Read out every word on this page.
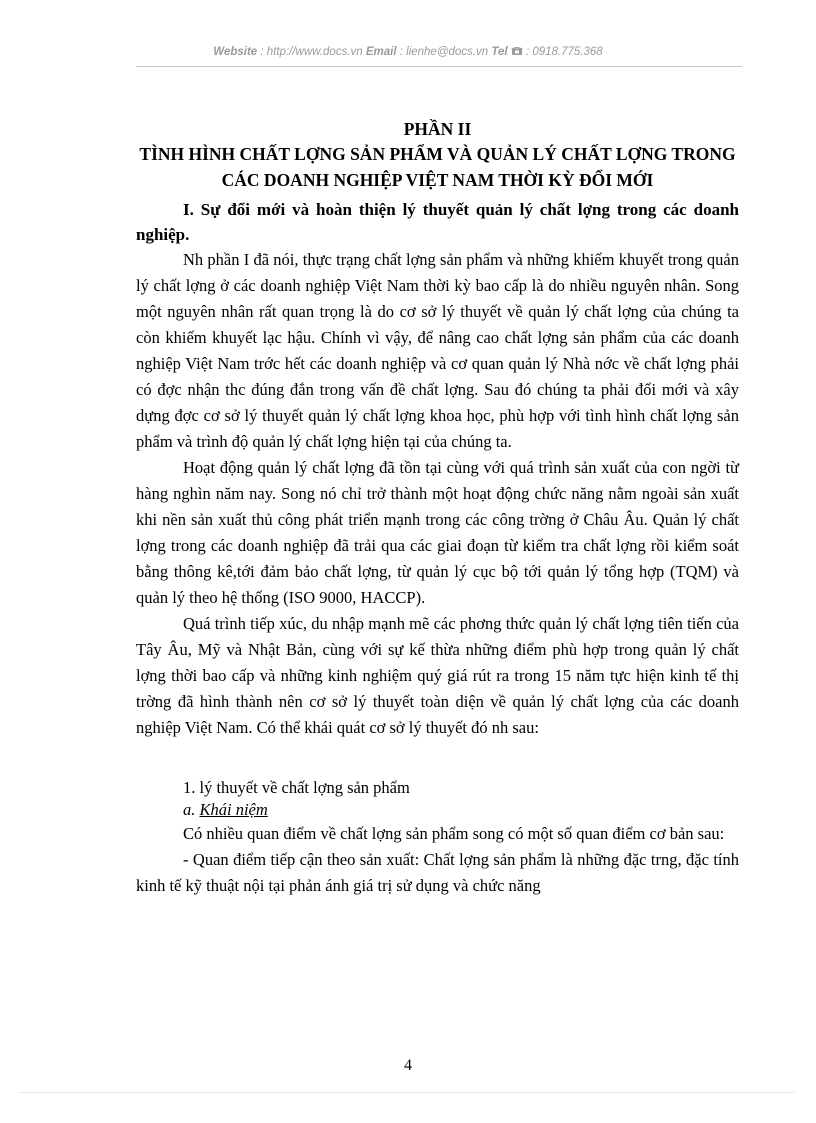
Website : http://www.docs.vn Email : lienhe@docs.vn Tel : 0918.775.368
PHẦN II
TÌNH HÌNH CHẤT LỢNG SẢN PHẨM VÀ QUẢN LÝ CHẤT LỢNG TRONG CÁC DOANH NGHIỆP VIỆT NAM THỜI KỲ ĐỔI MỚI
I. Sự đổi mới và hoàn thiện lý thuyết quản lý chất lợng trong các doanh nghiệp.

Nh phần I đã nói, thực trạng chất lợng sản phẩm và những khiếm khuyết trong quản lý chất lợng ở các doanh nghiệp Việt Nam thời kỳ bao cấp là do nhiều nguyên nhân. Song một nguyên nhân rất quan trọng là do cơ sở lý thuyết về quản lý chất lợng của chúng ta còn khiếm khuyết lạc hậu. Chính vì vậy, để nâng cao chất lợng sản phẩm của các doanh nghiệp Việt Nam trớc hết các doanh nghiệp và cơ quan quản lý Nhà nớc về chất lợng phải có đợc nhận thc đúng đắn trong vấn đề chất lợng. Sau đó chúng ta phải đổi mới và xây dựng đợc cơ sở lý thuyết quản lý chất lợng khoa học, phù hợp với tình hình chất lợng sản phẩm và trình độ quản lý chất lợng hiện tại của chúng ta.

Hoạt động quản lý chất lợng đã tồn tại cùng với quá trình sản xuất của con ngời từ hàng nghìn năm nay. Song nó chỉ trở thành một hoạt động chức năng nằm ngoài sản xuất khi nền sản xuất thủ công phát triển mạnh trong các công trờng ở Châu Âu. Quản lý chất lợng trong các doanh nghiệp đã trải qua các giai đoạn từ kiểm tra chất lợng rồi kiểm soát bằng thông kê,tới đảm bảo chất lợng, từ quản lý cục bộ tới quản lý tổng hợp (TQM) và quản lý theo hệ thống (ISO 9000, HACCP).

Quá trình tiếp xúc, du nhập mạnh mẽ các phơng thức quản lý chất lợng tiên tiến của Tây Âu, Mỹ và Nhật Bản, cùng với sự kế thừa những điểm phù hợp trong quản lý chất lợng thời bao cấp và những kinh nghiệm quý giá rút ra trong 15 năm tực hiện kinh tế thị trờng đã hình thành nên cơ sở lý thuyết toàn diện về quản lý chất lợng của các doanh nghiệp Việt Nam. Có thể khái quát cơ sở lý thuyết đó nh sau:

1. lý thuyết về chất lợng sản phẩm
a. Khái niệm

Có nhiều quan điểm về chất lợng sản phẩm song có một số quan điểm cơ bản sau:

- Quan điểm tiếp cận theo sản xuất: Chất lợng sản phẩm là những đặc trng, đặc tính kinh tế kỹ thuật nội tại phản ánh giá trị sử dụng và chức năng

4
